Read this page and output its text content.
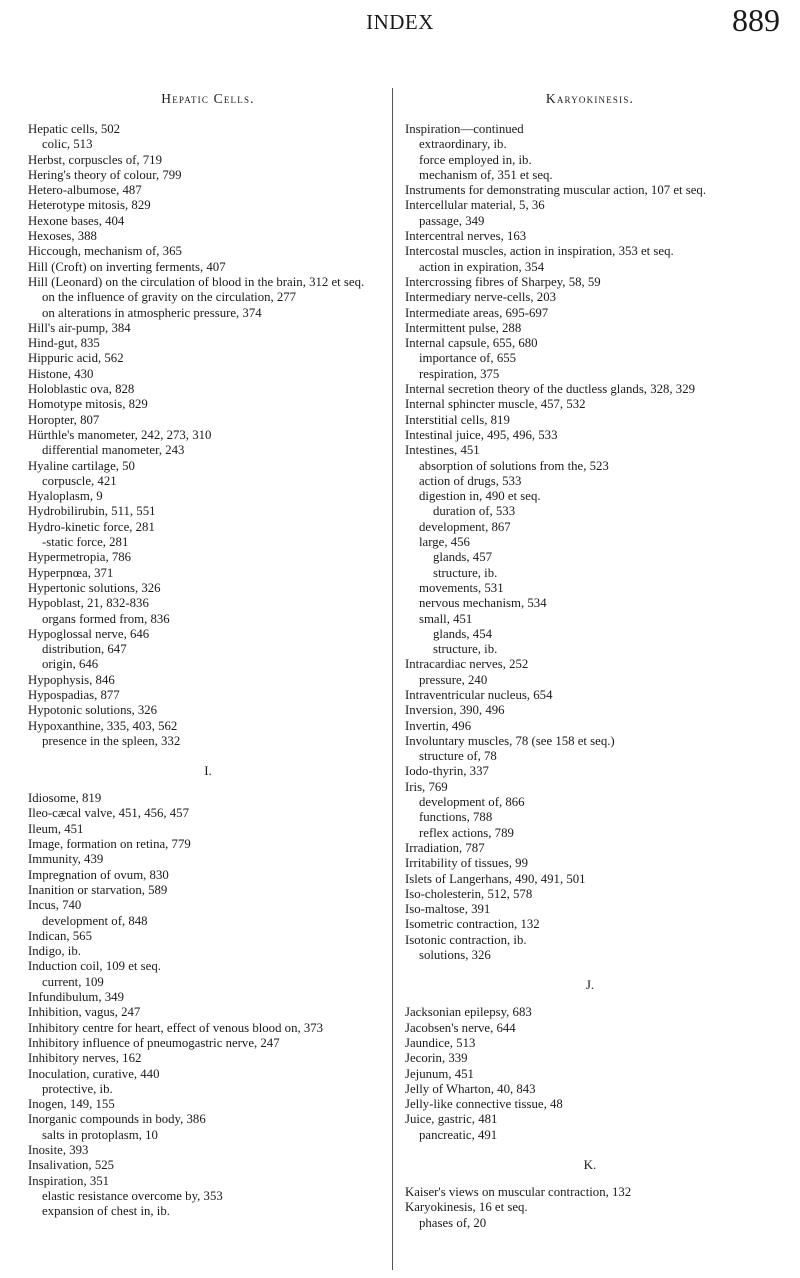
INDEX	889
Hepatic Cells.
Hepatic cells, 502
colic, 513
Herbst, corpuscles of, 719
Hering's theory of colour, 799
Hetero-albumose, 487
Heterotype mitosis, 829
Hexone bases, 404
Hexoses, 388
Hiccough, mechanism of, 365
Hill (Croft) on inverting ferments, 407
Hill (Leonard) on the circulation of blood in the brain, 312 et seq.
on the influence of gravity on the circulation, 277
on alterations in atmospheric pressure, 374
Hill's air-pump, 384
Hind-gut, 835
Hippuric acid, 562
Histone, 430
Holoblastic ova, 828
Homotype mitosis, 829
Horopter, 807
Hürthle's manometer, 242, 273, 310
differential manometer, 243
Hyaline cartilage, 50
corpuscle, 421
Hyaloplasm, 9
Hydrobilirubin, 511, 551
Hydro-kinetic force, 281
-static force, 281
Hypermetropia, 786
Hyperpnœa, 371
Hypertonic solutions, 326
Hypoblast, 21, 832-836
organs formed from, 836
Hypoglossal nerve, 646
distribution, 647
origin, 646
Hypophysis, 846
Hypospadias, 877
Hypotonic solutions, 326
Hypoxanthine, 335, 403, 562
presence in the spleen, 332
I.
Idiosome, 819
Ileo-cæcal valve, 451, 456, 457
Ileum, 451
Image, formation on retina, 779
Immunity, 439
Impregnation of ovum, 830
Inanition or starvation, 589
Incus, 740
development of, 848
Indican, 565
Indigo, ib.
Induction coil, 109 et seq.
current, 109
Infundibulum, 349
Inhibition, vagus, 247
Inhibitory centre for heart, effect of venous blood on, 373
Inhibitory influence of pneumogastric nerve, 247
Inhibitory nerves, 162
Inoculation, curative, 440
protective, ib.
Inogen, 149, 155
Inorganic compounds in body, 386
salts in protoplasm, 10
Inosite, 393
Insalivation, 525
Inspiration, 351
elastic resistance overcome by, 353
expansion of chest in, ib.
Karyokinesis.
Inspiration—continued
extraordinary, ib.
force employed in, ib.
mechanism of, 351 et seq.
Instruments for demonstrating muscular action, 107 et seq.
Intercellular material, 5, 36
passage, 349
Intercentral nerves, 163
Intercostal muscles, action in inspiration, 353 et seq.
action in expiration, 354
Intercrossing fibres of Sharpey, 58, 59
Intermediary nerve-cells, 203
Intermediate areas, 695-697
Intermittent pulse, 288
Internal capsule, 655, 680
importance of, 655
respiration, 375
Internal secretion theory of the ductless glands, 328, 329
Internal sphincter muscle, 457, 532
Interstitial cells, 819
Intestinal juice, 495, 496, 533
Intestines, 451
absorption of solutions from the, 523
action of drugs, 533
digestion in, 490 et seq.
duration of, 533
development, 867
large, 456
glands, 457
structure, ib.
movements, 531
nervous mechanism, 534
small, 451
glands, 454
structure, ib.
Intracardiac nerves, 252
pressure, 240
Intraventricular nucleus, 654
Inversion, 390, 496
Invertin, 496
Involuntary muscles, 78 (see 158 et seq.)
structure of, 78
Iodo-thyrin, 337
Iris, 769
development of, 866
functions, 788
reflex actions, 789
Irradiation, 787
Irritability of tissues, 99
Islets of Langerhans, 490, 491, 501
Iso-cholesterin, 512, 578
Iso-maltose, 391
Isometric contraction, 132
Isotonic contraction, ib.
solutions, 326
J.
Jacksonian epilepsy, 683
Jacobsen's nerve, 644
Jaundice, 513
Jecorin, 339
Jejunum, 451
Jelly of Wharton, 40, 843
Jelly-like connective tissue, 48
Juice, gastric, 481
pancreatic, 491
K.
Kaiser's views on muscular contraction, 132
Karyokinesis, 16 et seq.
phases of, 20
